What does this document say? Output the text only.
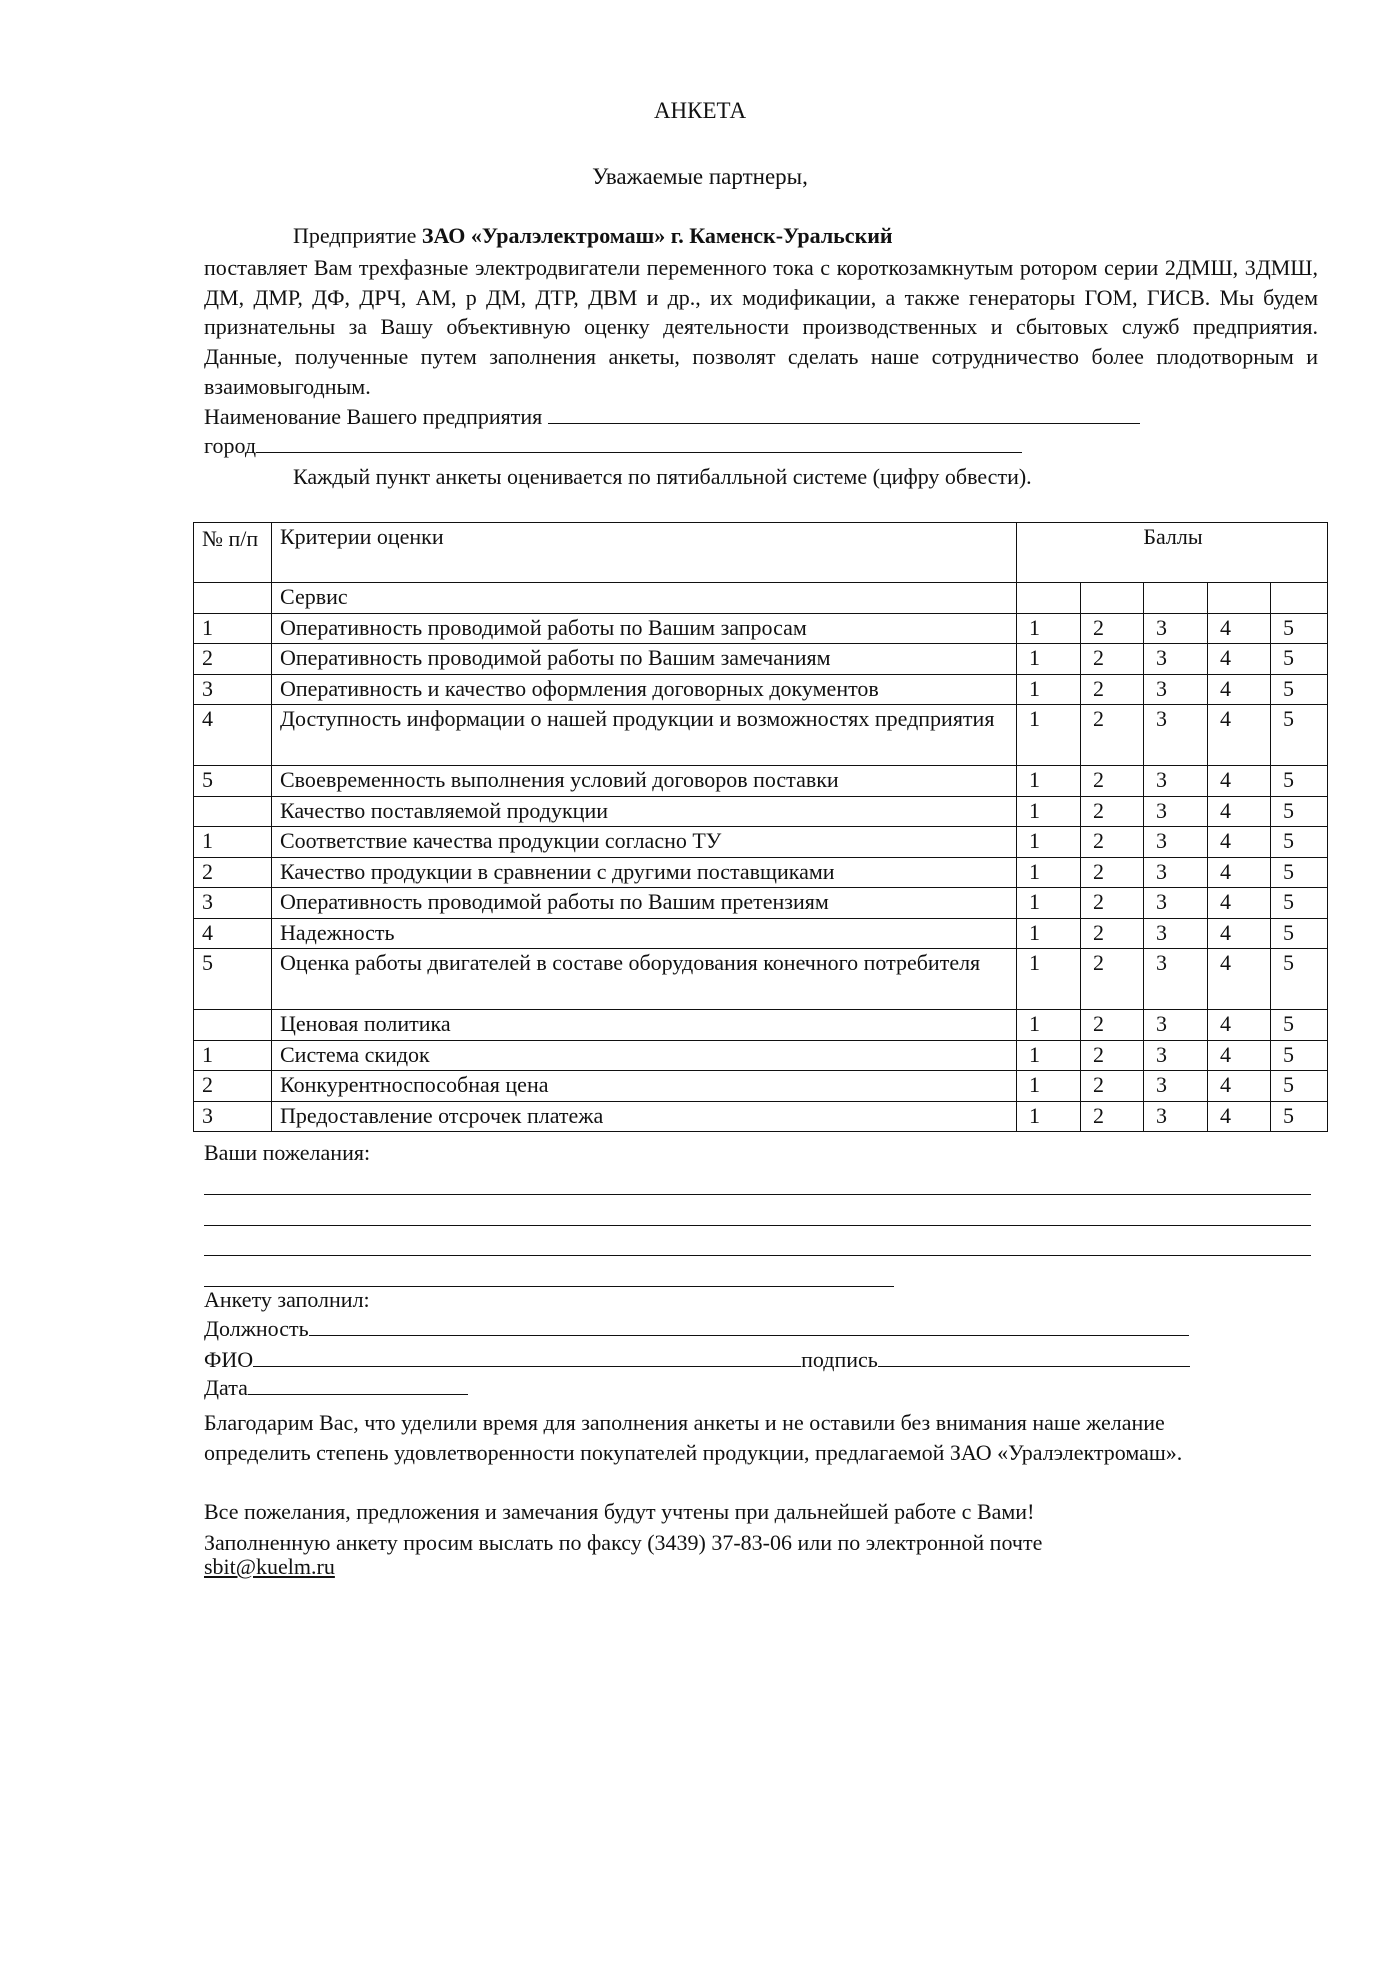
АНКЕТА
Уважаемые партнеры,
Предприятие ЗАО «Уралэлектромаш» г. Каменск-Уральский
поставляет Вам трехфазные электродвигатели переменного тока с короткозамкнутым ротором серии 2ДМШ, 3ДМШ, ДМ, ДМР, ДФ, ДРЧ, АМ, р ДМ, ДТР, ДВМ и др., их модификации, а также генераторы ГОМ, ГИСВ. Мы будем признательны за Вашу объективную оценку деятельности производственных и сбытовых служб предприятия. Данные, полученные путем заполнения анкеты, позволят сделать наше сотрудничество более плодотворным и взаимовыгодным.
Наименование Вашего предприятия
город
Каждый пункт анкеты оценивается по пятибалльной системе (цифру обвести).
№ п/п	Критерии оценки	Баллы				
	Сервис					
1	Оперативность проводимой работы по Вашим запросам	1	2	3	4	5
2	Оперативность проводимой работы по Вашим замечаниям	1	2	3	4	5
3	Оперативность и качество оформления договорных документов	1	2	3	4	5
4	Доступность информации о нашей продукции и возможностях предприятия	1	2	3	4	5
5	Своевременность выполнения условий договоров поставки	1	2	3	4	5
	Качество поставляемой продукции	1	2	3	4	5
1	Соответствие качества продукции согласно ТУ	1	2	3	4	5
2	Качество продукции в сравнении с другими поставщиками	1	2	3	4	5
3	Оперативность проводимой работы по Вашим претензиям	1	2	3	4	5
4	Надежность	1	2	3	4	5
5	Оценка работы двигателей в составе оборудования конечного потребителя	1	2	3	4	5
	Ценовая политика	1	2	3	4	5
1	Система скидок	1	2	3	4	5
2	Конкурентноспособная цена	1	2	3	4	5
3	Предоставление отсрочек платежа	1	2	3	4	5
Ваши пожелания:
Анкету заполнил:
Должность
ФИО	подпись
Дата
Благодарим Вас, что уделили время для заполнения анкеты и не оставили без внимания наше желание определить степень удовлетворенности покупателей продукции, предлагаемой ЗАО «Уралэлектромаш».
Все пожелания, предложения и замечания будут учтены при дальнейшей работе с Вами!
Заполненную анкету просим выслать по факсу (3439) 37-83-06 или по электронной почте
sbit@kuelm.ru
